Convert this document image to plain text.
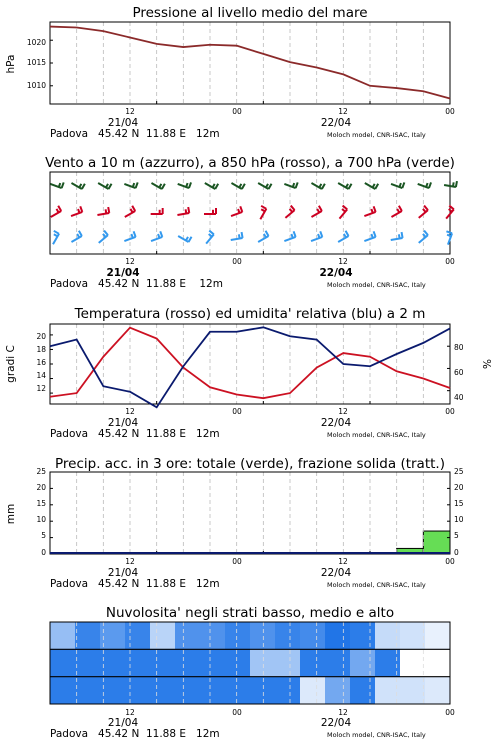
Pressione al livello medio del mare
hPa
1020
1015
1010
12	00	12	00
21/04	22/04
Padova   45.42 N  11.88 E   12m	Moloch model, CNR-ISAC, Italy
Vento a 10 m (azzurro), a 850 hPa (rosso), a 700 hPa (verde)
12	00	12	00
21/04	22/04
Padova   45.42 N  11.88 E    12m	Moloch model, CNR-ISAC, Italy
Temperatura (rosso) ed umidita' relativa (blu) a 2 m
gradi C	%
20
18
16
14
12
80
60
40
12	00	12	00
21/04	22/04
Padova   45.42 N  11.88 E   12m	Moloch model, CNR-ISAC, Italy
Precip. acc. in 3 ore: totale (verde), frazione solida (tratt.)
mm
25
20
15
10
5
0
25
20
15
10
5
0
12	00	12	00
21/04	22/04
Padova   45.42 N  11.88 E   12m	Moloch model, CNR-ISAC, Italy
Nuvolosita' negli strati basso, medio e alto
12	00	12	00
21/04	22/04
Padova   45.42 N  11.88 E   12m	Moloch model, CNR-ISAC, Italy
